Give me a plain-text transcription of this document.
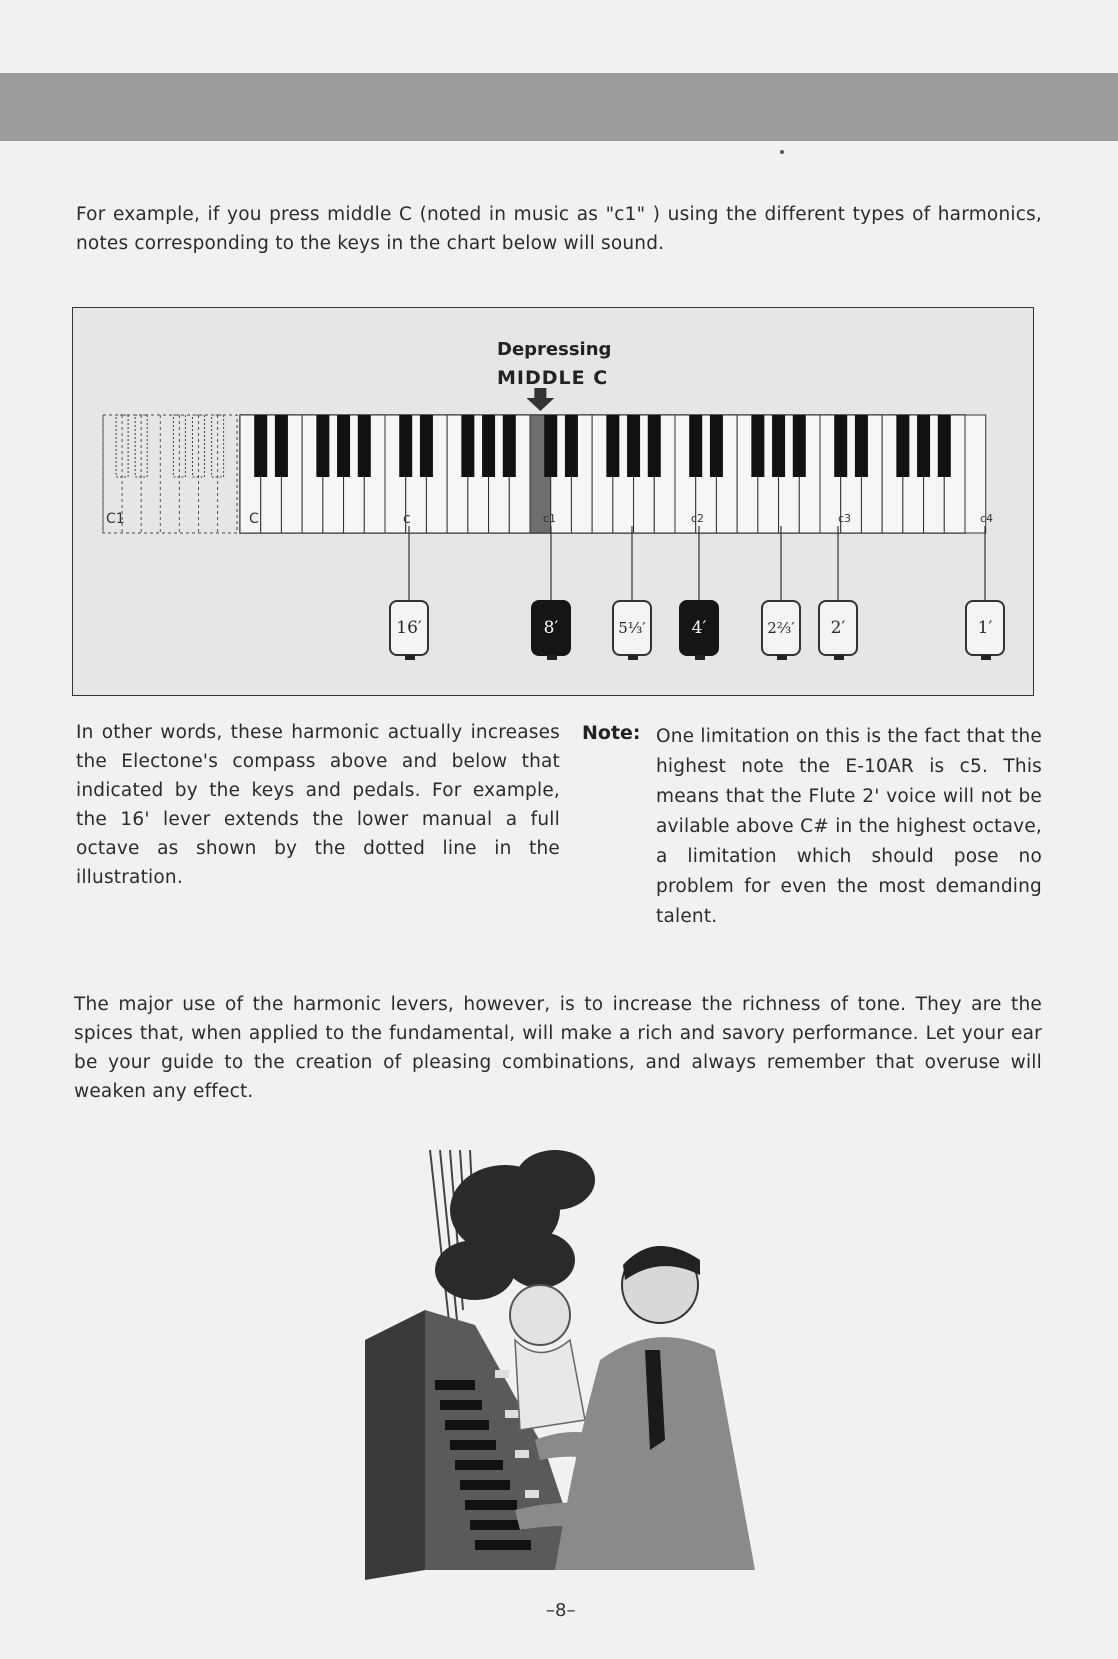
For example, if you press middle C (noted in music as "c1" ) using the different types of harmonics, notes corresponding to the keys in the chart below will sound.

Depressing
MIDDLE C
C1	C	c	c1	c2	c3	c4
16′	8′	5⅓′	4′	2⅔′	2′	1′

In other words, these harmonic actually increases the Electone's compass above and below that indicated by the keys and pedals. For example, the 16' lever extends the lower manual a full octave as shown by the dotted line in the illustration.

Note: One limitation on this is the fact that the highest note the E-10AR is c5. This means that the Flute 2' voice will not be avilable above C# in the highest octave, a limitation which should pose no problem for even the most demanding talent.

The major use of the harmonic levers, however, is to increase the richness of tone. They are the spices that, when applied to the fundamental, will make a rich and savory performance. Let your ear be your guide to the creation of pleasing combinations, and always remember that overuse will weaken any effect.

–8–
